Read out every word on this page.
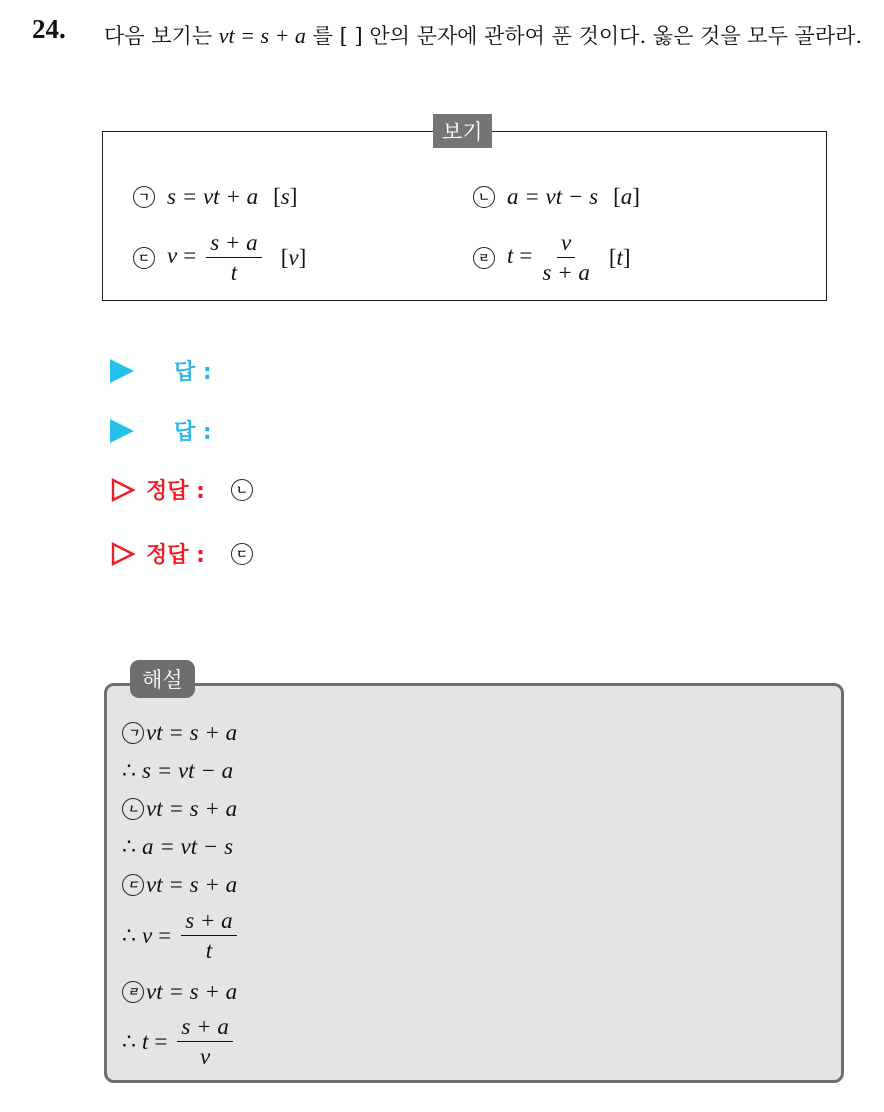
24. 다음 보기는 vt = s + a 를 [ ] 안의 문자에 관하여 푼 것이다. 옳은 것을 모두 골라라.
보기
ㄱ s = vt + a [s]	ㄴ a = vt − s [a]
ㄷ $v = \frac{s + a}{t} [v]$	ㄹ $t = \frac{v}{s + a} [t]$
답 :
답 :
정답 :	ㄴ
정답 :	ㄷ
해설
ㄱ vt = s + a
∴ s = vt − a
ㄴ vt = s + a
∴ a = vt − s
ㄷ vt = s + a
∴ $v = \frac{s + a}{t}$
ㄹ vt = s + a
∴ $t = \frac{s + a}{v}$
